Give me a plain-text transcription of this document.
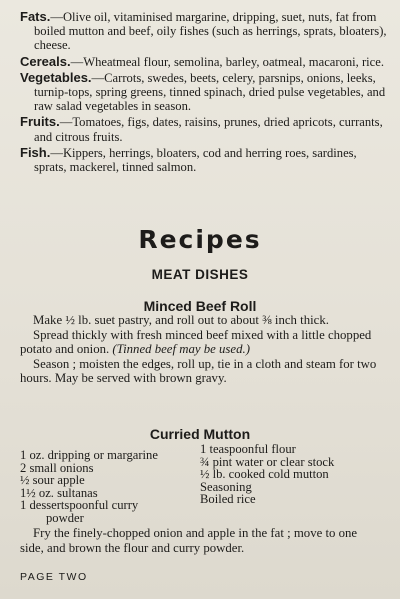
Fats.—Olive oil, vitaminised margarine, dripping, suet, nuts, fat from boiled mutton and beef, oily fishes (such as herrings, sprats, bloaters), cheese.
Cereals.—Wheatmeal flour, semolina, barley, oatmeal, macaroni, rice.
Vegetables.—Carrots, swedes, beets, celery, parsnips, onions, leeks, turnip-tops, spring greens, tinned spinach, dried pulse vegetables, and raw salad vegetables in season.
Fruits.—Tomatoes, figs, dates, raisins, prunes, dried apricots, currants, and citrous fruits.
Fish.—Kippers, herrings, bloaters, cod and herring roes, sardines, sprats, mackerel, tinned salmon.
Recipes
MEAT DISHES
Minced Beef Roll

Make ½ lb. suet pastry, and roll out to about ⅜ inch thick.

Spread thickly with fresh minced beef mixed with a little chopped potato and onion. (Tinned beef may be used.)

Season ; moisten the edges, roll up, tie in a cloth and steam for two hours. May be served with brown gravy.

Curried Mutton
1 oz. dripping or margarine
2 small onions
½ sour apple
1½ oz. sultanas
1 dessertspoonful curry
powder
1 teaspoonful flour
¾ pint water or clear stock
½ lb. cooked cold mutton
Seasoning
Boiled rice

Fry the finely-chopped onion and apple in the fat ; move to one side, and brown the flour and curry powder.

PAGE TWO
